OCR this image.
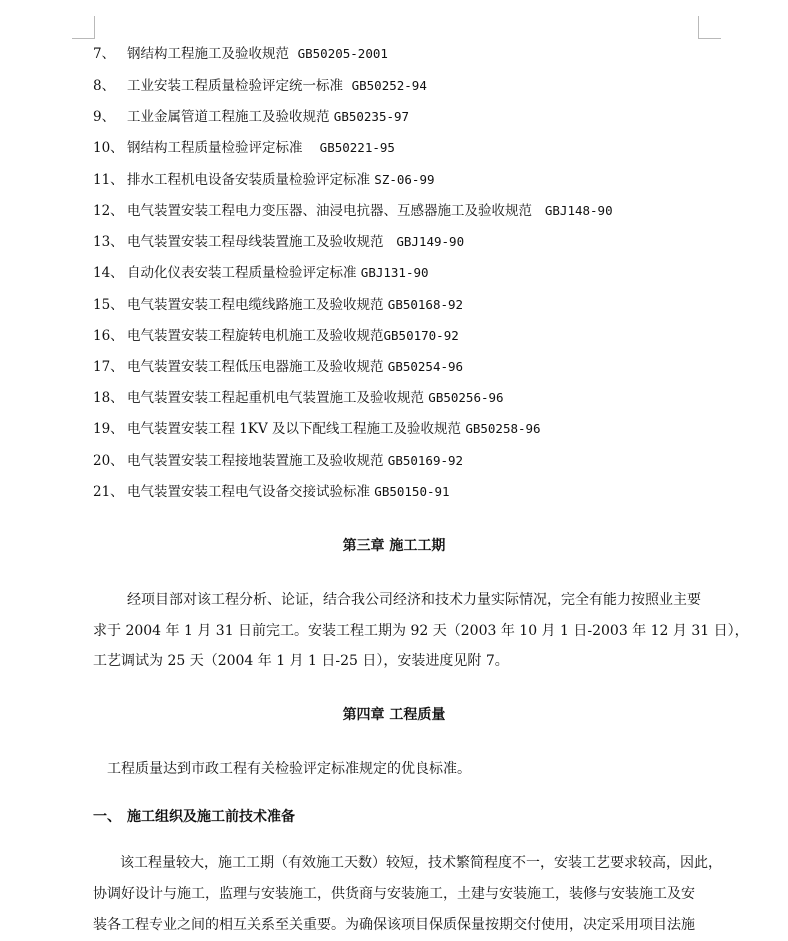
7、 钢结构工程施工及验收规范 GB50205-2001
8、 工业安装工程质量检验评定统一标准 GB50252-94
9、 工业金属管道工程施工及验收规范 GB50235-97
10、 钢结构工程质量检验评定标准 GB50221-95
11、 排水工程机电设备安装质量检验评定标准 SZ-06-99
12、 电气装置安装工程电力变压器、油浸电抗器、互感器施工及验收规范 GBJ148-90
13、 电气装置安装工程母线装置施工及验收规范 GBJ149-90
14、 自动化仪表安装工程质量检验评定标准 GBJ131-90
15、 电气装置安装工程电缆线路施工及验收规范 GB50168-92
16、 电气装置安装工程旋转电机施工及验收规范GB50170-92
17、 电气装置安装工程低压电器施工及验收规范 GB50254-96
18、 电气装置安装工程起重机电气装置施工及验收规范 GB50256-96
19、 电气装置安装工程 1KV 及以下配线工程施工及验收规范 GB50258-96
20、 电气装置安装工程接地装置施工及验收规范 GB50169-92
21、 电气装置安装工程电气设备交接试验标准 GB50150-91
第三章 施工工期
经项目部对该工程分析、论证，结合我公司经济和技术力量实际情况，完全有能力按照业主要
求于 2004 年 1 月 31 日前完工。安装工程工期为 92 天（2003 年 10 月 1 日-2003 年 12 月 31 日），
工艺调试为 25 天（2004 年 1 月 1 日-25 日），安装进度见附 7。
第四章 工程质量
工程质量达到市政工程有关检验评定标准规定的优良标准。
一、 施工组织及施工前技术准备
该工程量较大，施工工期（有效施工天数）较短，技术繁简程度不一，安装工艺要求较高，因此，
协调好设计与施工，监理与安装施工，供货商与安装施工，土建与安装施工，装修与安装施工及安
装各工程专业之间的相互关系至关重要。为确保该项目保质保量按期交付使用，决定采用项目法施
